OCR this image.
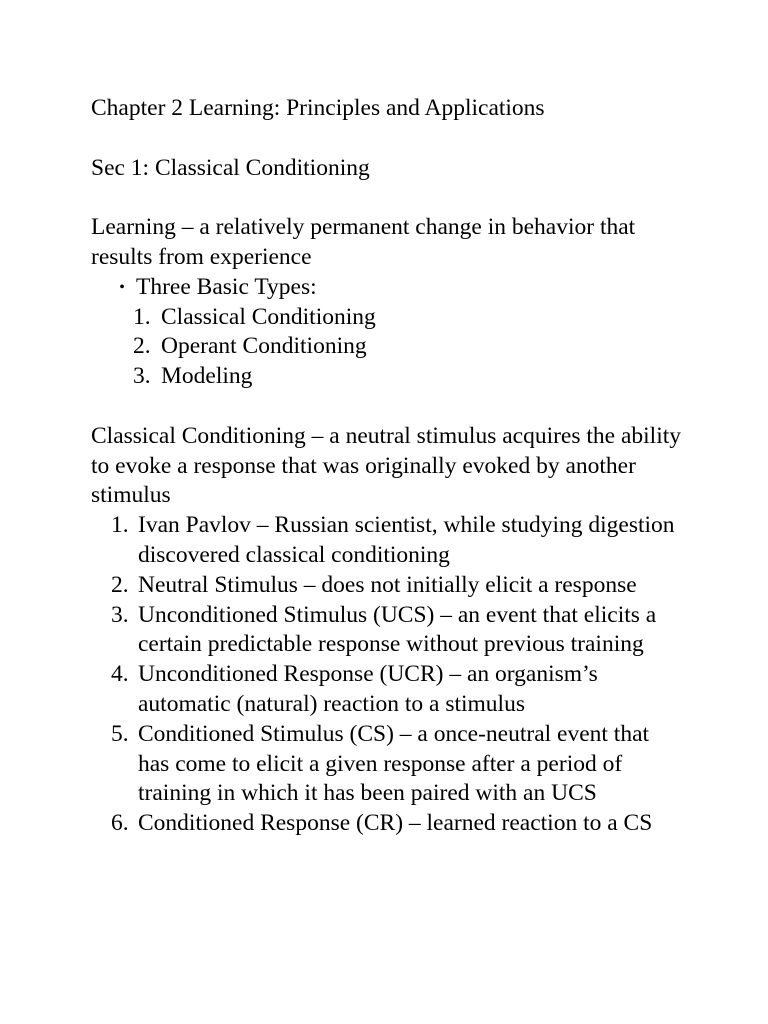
Chapter 2 Learning: Principles and Applications

Sec 1: Classical Conditioning

Learning – a relatively permanent change in behavior that results from experience

• Three Basic Types:
1. Classical Conditioning
2. Operant Conditioning
3. Modeling

Classical Conditioning – a neutral stimulus acquires the ability to evoke a response that was originally evoked by another stimulus

1. Ivan Pavlov – Russian scientist, while studying digestion discovered classical conditioning
2. Neutral Stimulus – does not initially elicit a response
3. Unconditioned Stimulus (UCS) – an event that elicits a certain predictable response without previous training
4. Unconditioned Response (UCR) – an organism’s automatic (natural) reaction to a stimulus
5. Conditioned Stimulus (CS) – a once-neutral event that has come to elicit a given response after a period of training in which it has been paired with an UCS
6. Conditioned Response (CR) – learned reaction to a CS
